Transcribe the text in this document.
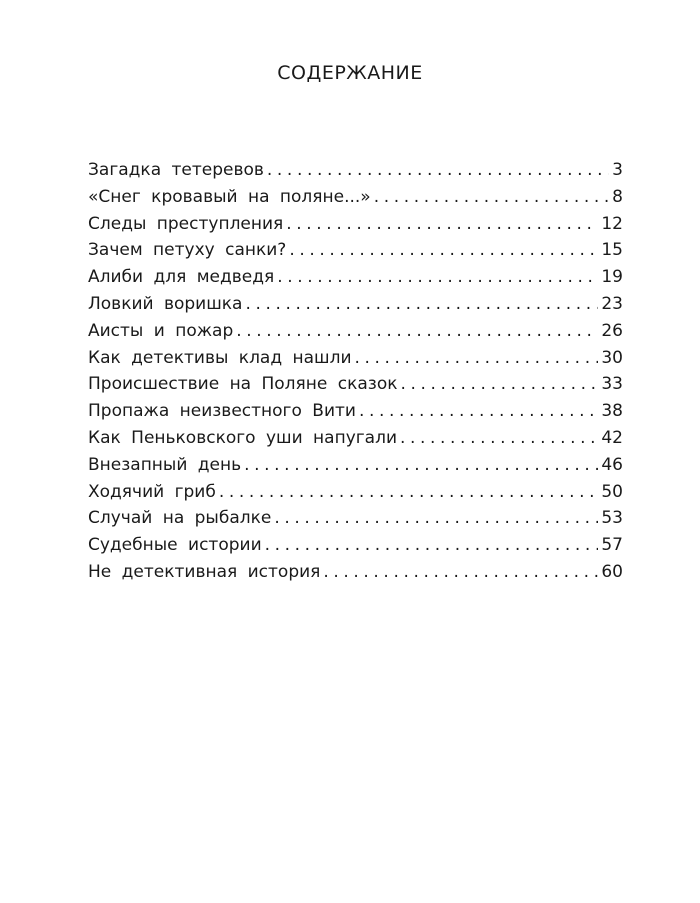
СОДЕРЖАНИЕ
Загадка тетеревов . . .	3
«Снег кровавый на поляне...» . . .	8
Следы преступления . . .	12
Зачем петуху санки? . . .	15
Алиби для медведя . . .	19
Ловкий воришка . . .	23
Аисты и пожар . . .	26
Как детективы клад нашли . . .	30
Происшествие на Поляне сказок . . .	33
Пропажа неизвестного Вити . . .	38
Как Пеньковского уши напугали . . .	42
Внезапный день . . .	46
Ходячий гриб . . .	50
Случай на рыбалке . . .	53
Судебные истории . . .	57
Не детективная история . . .	60
